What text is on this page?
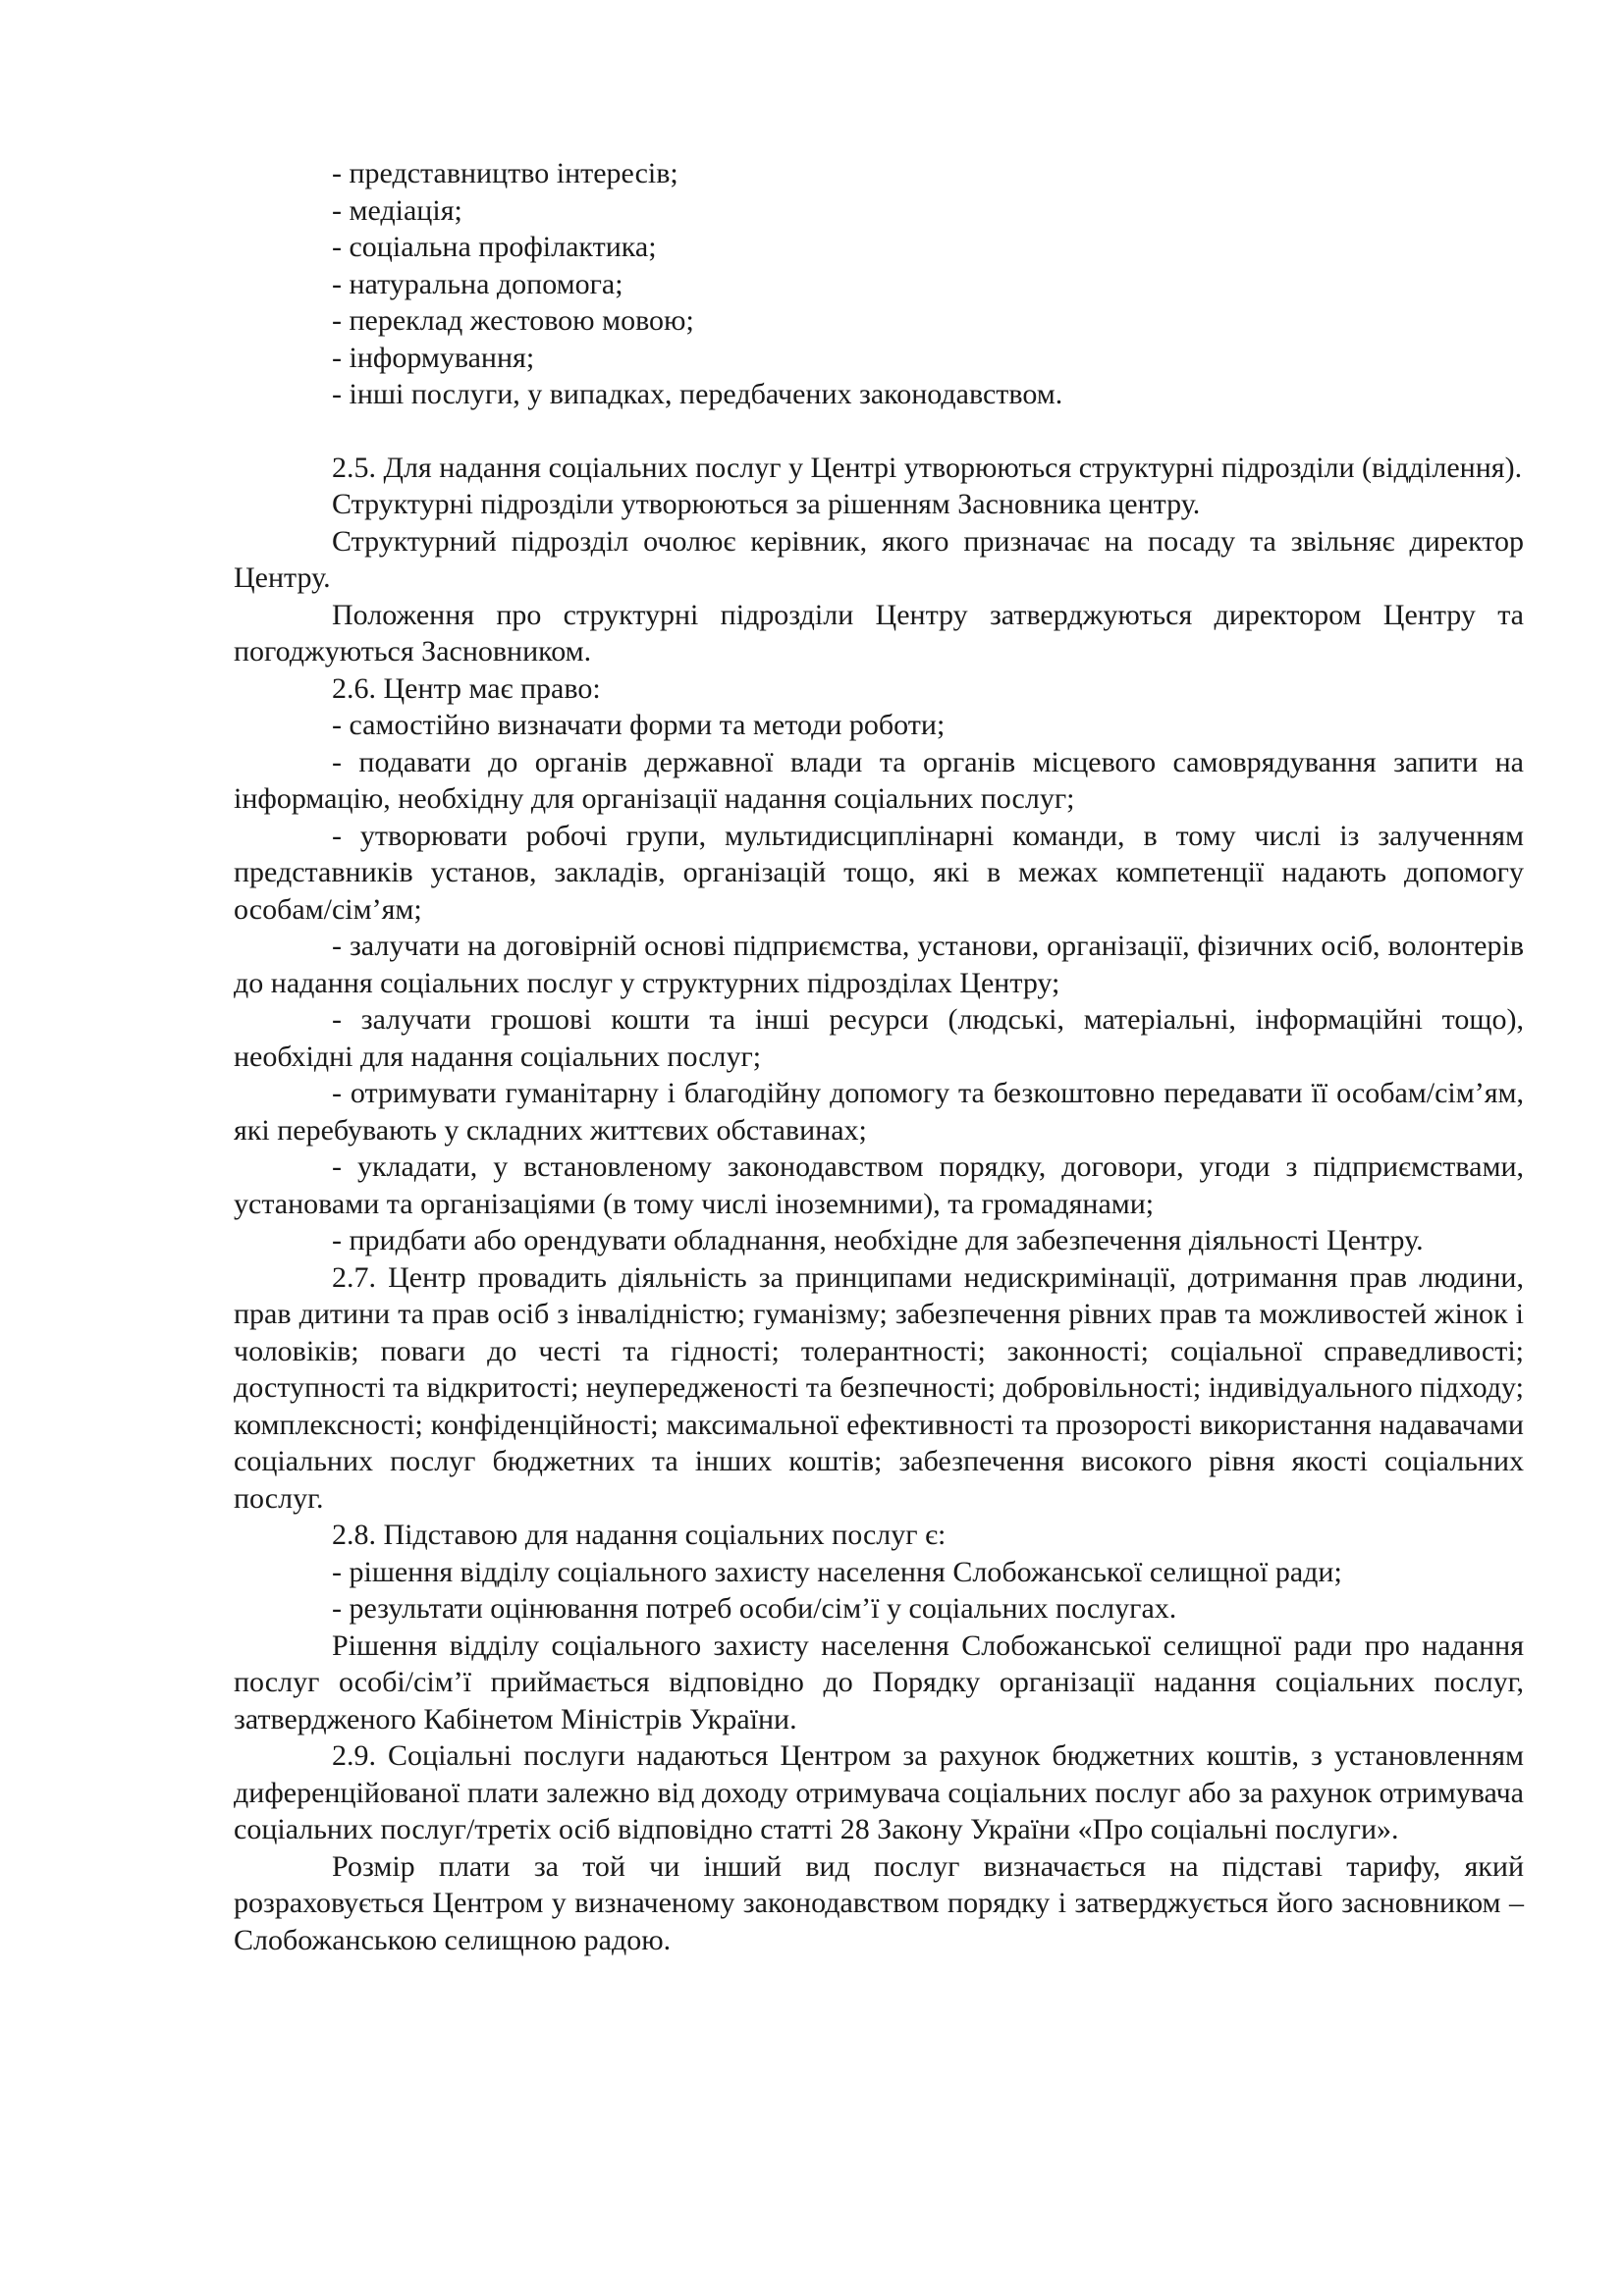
- представництво інтересів;
- медіація;
- соціальна профілактика;
- натуральна допомога;
- переклад жестовою мовою;
- інформування;
- інші послуги, у випадках, передбачених законодавством.

2.5. Для надання соціальних послуг у Центрі утворюються структурні підрозділи (відділення).

Структурні підрозділи утворюються за рішенням Засновника центру.

Структурний підрозділ очолює керівник, якого призначає на посаду та звільняє директор Центру.

Положення про структурні підрозділи Центру затверджуються директором Центру та погоджуються Засновником.

2.6. Центр має право:

- самостійно визначати форми та методи роботи;

- подавати до органів державної влади та органів місцевого самоврядування запити на інформацію, необхідну для організації надання соціальних послуг;

- утворювати робочі групи, мультидисциплінарні команди, в тому числі із залученням представників установ, закладів, організацій тощо, які в межах компетенції надають допомогу особам/сім’ям;

- залучати на договірній основі підприємства, установи, організації, фізичних осіб, волонтерів до надання соціальних послуг у структурних підрозділах Центру;

- залучати грошові кошти та інші ресурси (людські, матеріальні, інформаційні тощо), необхідні для надання соціальних послуг;

- отримувати гуманітарну і благодійну допомогу та безкоштовно передавати її особам/сім’ям, які перебувають у складних життєвих обставинах;

- укладати, у встановленому законодавством порядку, договори, угоди з підприємствами, установами та організаціями (в тому числі іноземними), та громадянами;

- придбати або орендувати обладнання, необхідне для забезпечення діяльності Центру.

2.7. Центр провадить діяльність за принципами недискримінації, дотримання прав людини, прав дитини та прав осіб з інвалідністю; гуманізму; забезпечення рівних прав та можливостей жінок і чоловіків; поваги до честі та гідності; толерантності; законності; соціальної справедливості; доступності та відкритості; неупередженості та безпечності; добровільності; індивідуального підходу; комплексності; конфіденційності; максимальної ефективності та прозорості використання надавачами соціальних послуг бюджетних та інших коштів; забезпечення високого рівня якості соціальних послуг.

2.8. Підставою для надання соціальних послуг є:

- рішення відділу соціального захисту населення Слобожанської селищної ради;

- результати оцінювання потреб особи/сім’ї у соціальних послугах.

Рішення відділу соціального захисту населення Слобожанської селищної ради про надання послуг особі/сім’ї приймається відповідно до Порядку організації надання соціальних послуг, затвердженого Кабінетом Міністрів України.

2.9. Соціальні послуги надаються Центром за рахунок бюджетних коштів, з установленням диференційованої плати залежно від доходу отримувача соціальних послуг або за рахунок отримувача соціальних послуг/третіх осіб відповідно статті 28 Закону України «Про соціальні послуги».

Розмір плати за той чи інший вид послуг визначається на підставі тарифу, який розраховується Центром у визначеному законодавством порядку і затверджується його засновником – Слобожанською селищною радою.
